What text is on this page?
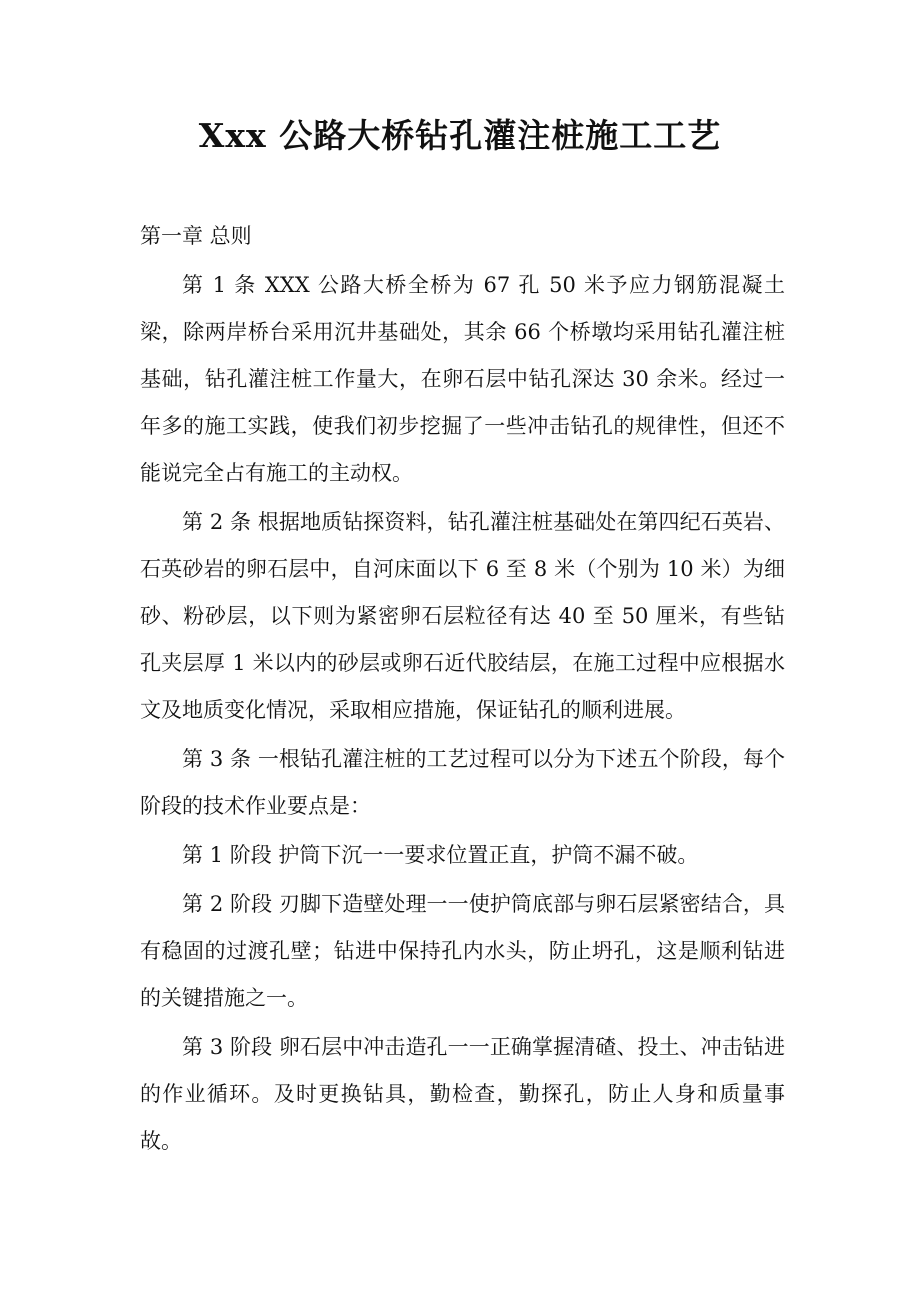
Xxx 公路大桥钻孔灌注桩施工工艺

第一章 总则

第 1 条 XXX 公路大桥全桥为 67 孔 50 米予应力钢筋混凝土梁，除两岸桥台采用沉井基础处，其余 66 个桥墩均采用钻孔灌注桩基础，钻孔灌注桩工作量大，在卵石层中钻孔深达 30 余米。经过一年多的施工实践，使我们初步挖掘了一些冲击钻孔的规律性，但还不能说完全占有施工的主动权。

第 2 条 根据地质钻探资料，钻孔灌注桩基础处在第四纪石英岩、石英砂岩的卵石层中，自河床面以下 6 至 8 米（个别为 10 米）为细砂、粉砂层，以下则为紧密卵石层粒径有达 40 至 50 厘米，有些钻孔夹层厚 1 米以内的砂层或卵石近代胶结层，在施工过程中应根据水文及地质变化情况，采取相应措施，保证钻孔的顺利进展。

第 3 条 一根钻孔灌注桩的工艺过程可以分为下述五个阶段，每个阶段的技术作业要点是：

第 1 阶段 护筒下沉一一要求位置正直，护筒不漏不破。

第 2 阶段 刃脚下造壁处理一一使护筒底部与卵石层紧密结合，具有稳固的过渡孔壁；钻进中保持孔内水头，防止坍孔，这是顺利钻进的关键措施之一。

第 3 阶段 卵石层中冲击造孔一一正确掌握清碴、投土、冲击钻进的作业循环。及时更换钻具，勤检查，勤探孔，防止人身和质量事故。
